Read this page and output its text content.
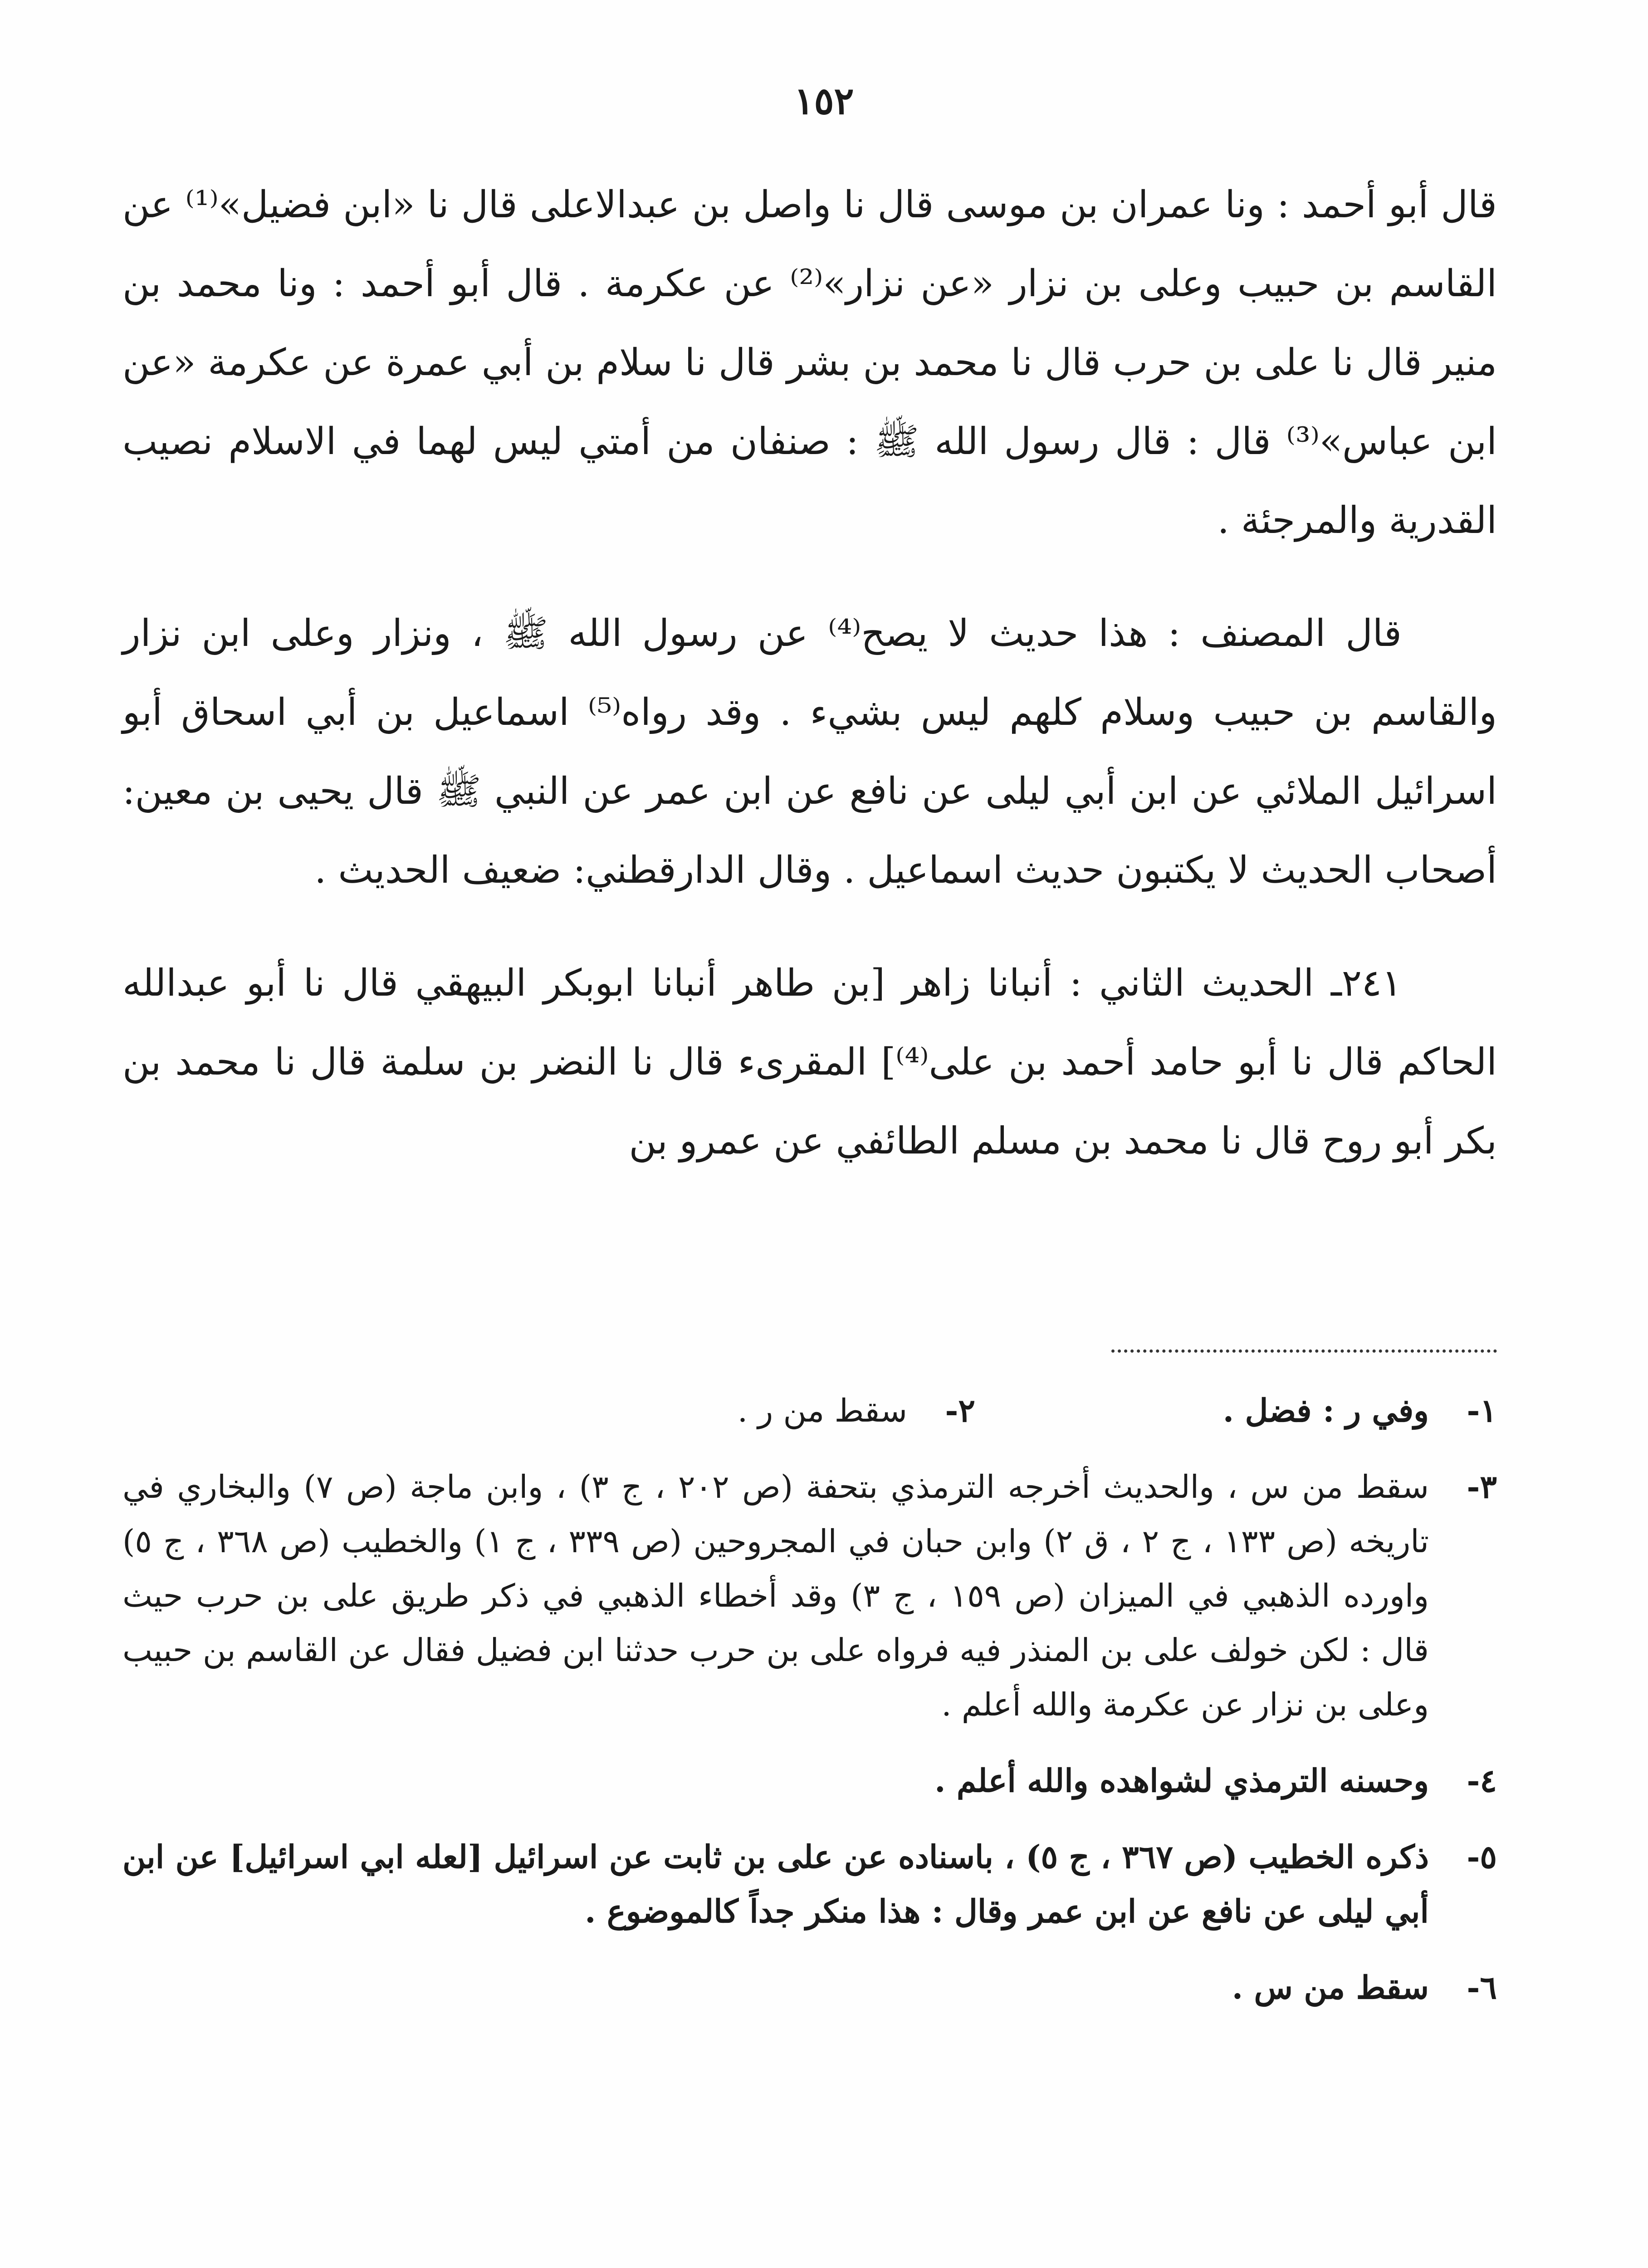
١٥٢

قال أبو أحمد : ونا عمران بن موسى قال نا واصل بن عبدالاعلى قال نا «ابن فضيل»⁽¹⁾ عن القاسم بن حبيب وعلى بن نزار «عن نزار»⁽²⁾ عن عكرمة . قال أبو أحمد : ونا محمد بن منير قال نا على بن حرب قال نا محمد بن بشر قال نا سلام بن أبي عمرة عن عكرمة «عن ابن عباس»⁽³⁾ قال : قال رسول الله ﷺ : صنفان من أمتي ليس لهما في الاسلام نصيب القدرية والمرجئة .

قال المصنف : هذا حديث لا يصح⁽⁴⁾ عن رسول الله ﷺ ، ونزار وعلى ابن نزار والقاسم بن حبيب وسلام كلهم ليس بشيء . وقد رواه⁽⁵⁾ اسماعيل بن أبي اسحاق أبو اسرائيل الملائي عن ابن أبي ليلى عن نافع عن ابن عمر عن النبي ﷺ قال يحيى بن معين: أصحاب الحديث لا يكتبون حديث اسماعيل . وقال الدارقطني: ضعيف الحديث .

٢٤١ـ الحديث الثاني : أنبانا زاهر [بن طاهر أنبانا ابوبكر البيهقي قال نا أبو عبدالله الحاكم قال نا أبو حامد أحمد بن على⁽⁴⁾] المقرىء قال نا النضر بن سلمة قال نا محمد بن بكر أبو روح قال نا محمد بن مسلم الطائفي عن عمرو بن

١-
وفي ر : فضل .
٢-
سقط من ر .
٣-
سقط من س ، والحديث أخرجه الترمذي بتحفة (ص ٢٠٢ ، ج ٣) ، وابن ماجة (ص ٧) والبخاري في تاريخه (ص ١٣٣ ، ج ٢ ، ق ٢) وابن حبان في المجروحين (ص ٣٣٩ ، ج ١) والخطيب (ص ٣٦٨ ، ج ٥) واورده الذهبي في الميزان (ص ١٥٩ ، ج ٣) وقد أخطاء الذهبي في ذكر طريق على بن حرب حيث قال : لكن خولف على بن المنذر فيه فرواه على بن حرب حدثنا ابن فضيل فقال عن القاسم بن حبيب وعلى بن نزار عن عكرمة والله أعلم .
٤-
وحسنه الترمذي لشواهده والله أعلم .
٥-
ذكره الخطيب (ص ٣٦٧ ، ج ٥) ، باسناده عن على بن ثابت عن اسرائيل [لعله ابي اسرائيل] عن ابن أبي ليلى عن نافع عن ابن عمر وقال : هذا منكر جداً كالموضوع .
٦-
سقط من س .
